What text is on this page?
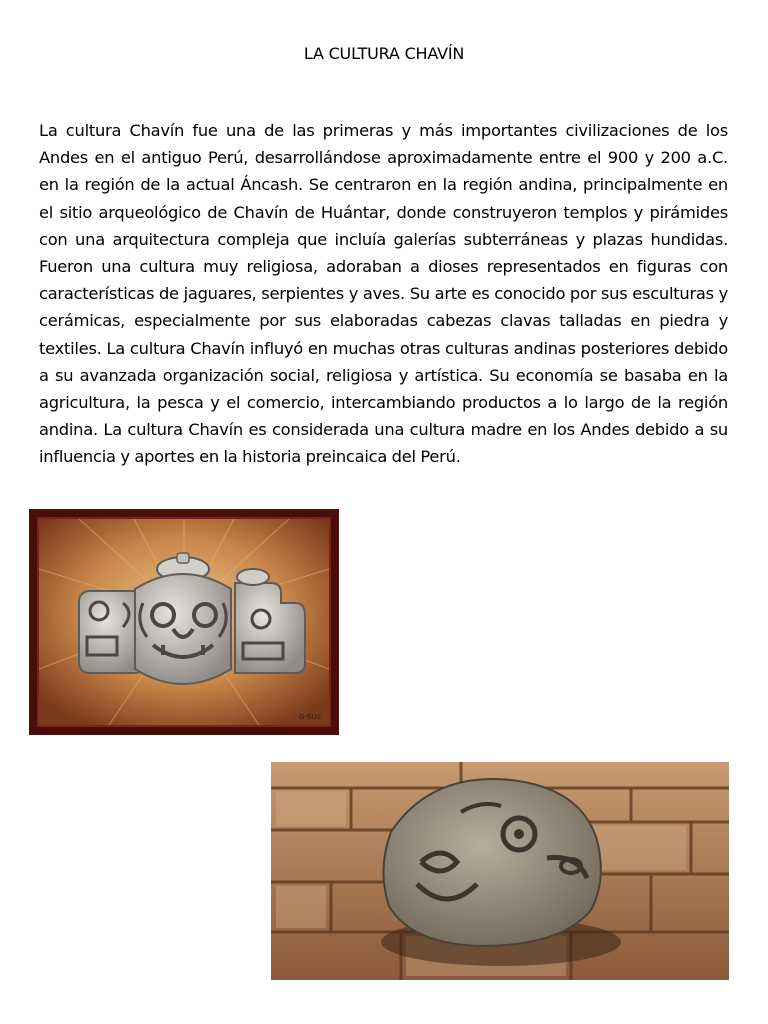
LA CULTURA CHAVÍN

La cultura Chavín fue una de las primeras y más importantes civilizaciones de los Andes en el antiguo Perú, desarrollándose aproximadamente entre el 900 y 200 a.C. en la región de la actual Áncash. Se centraron en la región andina, principalmente en el sitio arqueológico de Chavín de Huántar, donde construyeron templos y pirámides con una arquitectura compleja que incluía galerías subterráneas y plazas hundidas. Fueron una cultura muy religiosa, adoraban a dioses representados en figuras con características de jaguares, serpientes y aves. Su arte es conocido por sus esculturas y cerámicas, especialmente por sus elaboradas cabezas clavas talladas en piedra y textiles. La cultura Chavín influyó en muchas otras culturas andinas posteriores debido a su avanzada organización social, religiosa y artística. Su economía se basaba en la agricultura, la pesca y el comercio, intercambiando productos a lo largo de la región andina. La cultura Chavín es considerada una cultura madre en los Andes debido a su influencia y aportes en la historia preincaica del Perú.

G-SUS
